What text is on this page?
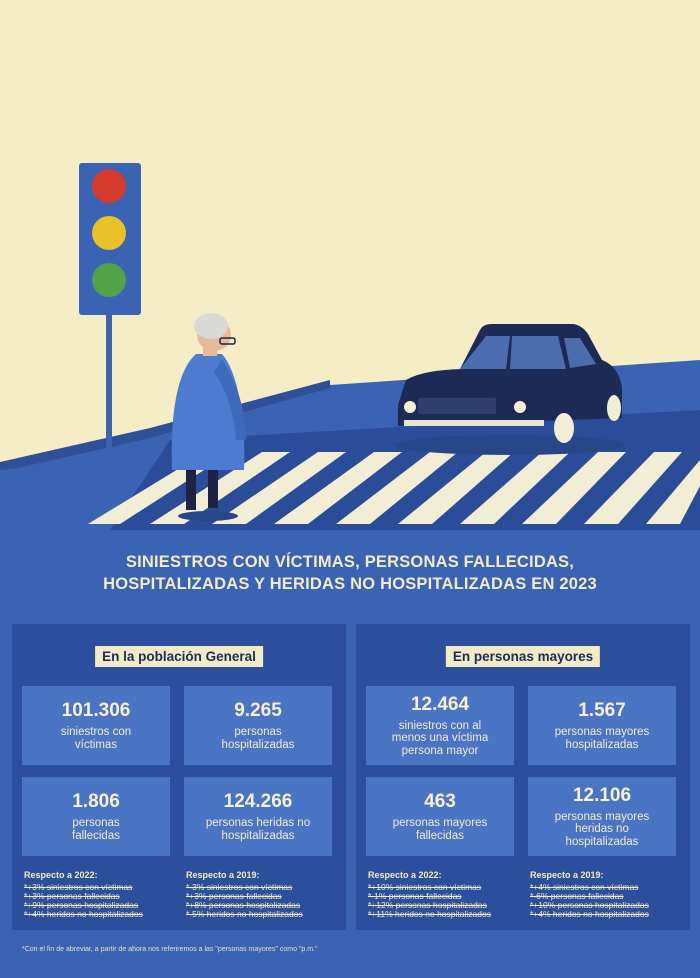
SINIESTROS CON VÍCTIMAS, PERSONAS FALLECIDAS,
HOSPITALIZADAS Y HERIDAS NO HOSPITALIZADAS EN 2023
En la población General
101.306
siniestros con víctimas
9.265
personas hospitalizadas
1.806
personas fallecidas
124.266
personas heridas no hospitalizadas
Respecto a 2022:
*+3% siniestros con víctimas
*+3% personas fallecidas
*+9% personas hospitalizadas
*+4% heridos no hospitalizados
Respecto a 2019:
*-3% siniestros con víctimas
*+3% personas fallecidas
*+8% personas hospitalizadas
*-5% heridos no hospitalizados
En personas mayores
12.464
siniestros con al menos una víctima persona mayor
1.567
personas mayores hospitalizadas
463
personas mayores fallecidas
12.106
personas mayores heridas no hospitalizadas
Respecto a 2022:
*+10% siniestros con víctimas
*-1% personas fallecidas
*+12% personas hospitalizadas
*+11% heridos no hospitalizados
Respecto a 2019:
*+4% siniestros con víctimas
*-6% personas fallecidas
*+10% personas hospitalizadas
*+4% heridos no hospitalizados
*Con el fin de abreviar, a partir de ahora nos referiremos a las "personas mayores" como "p.m."
